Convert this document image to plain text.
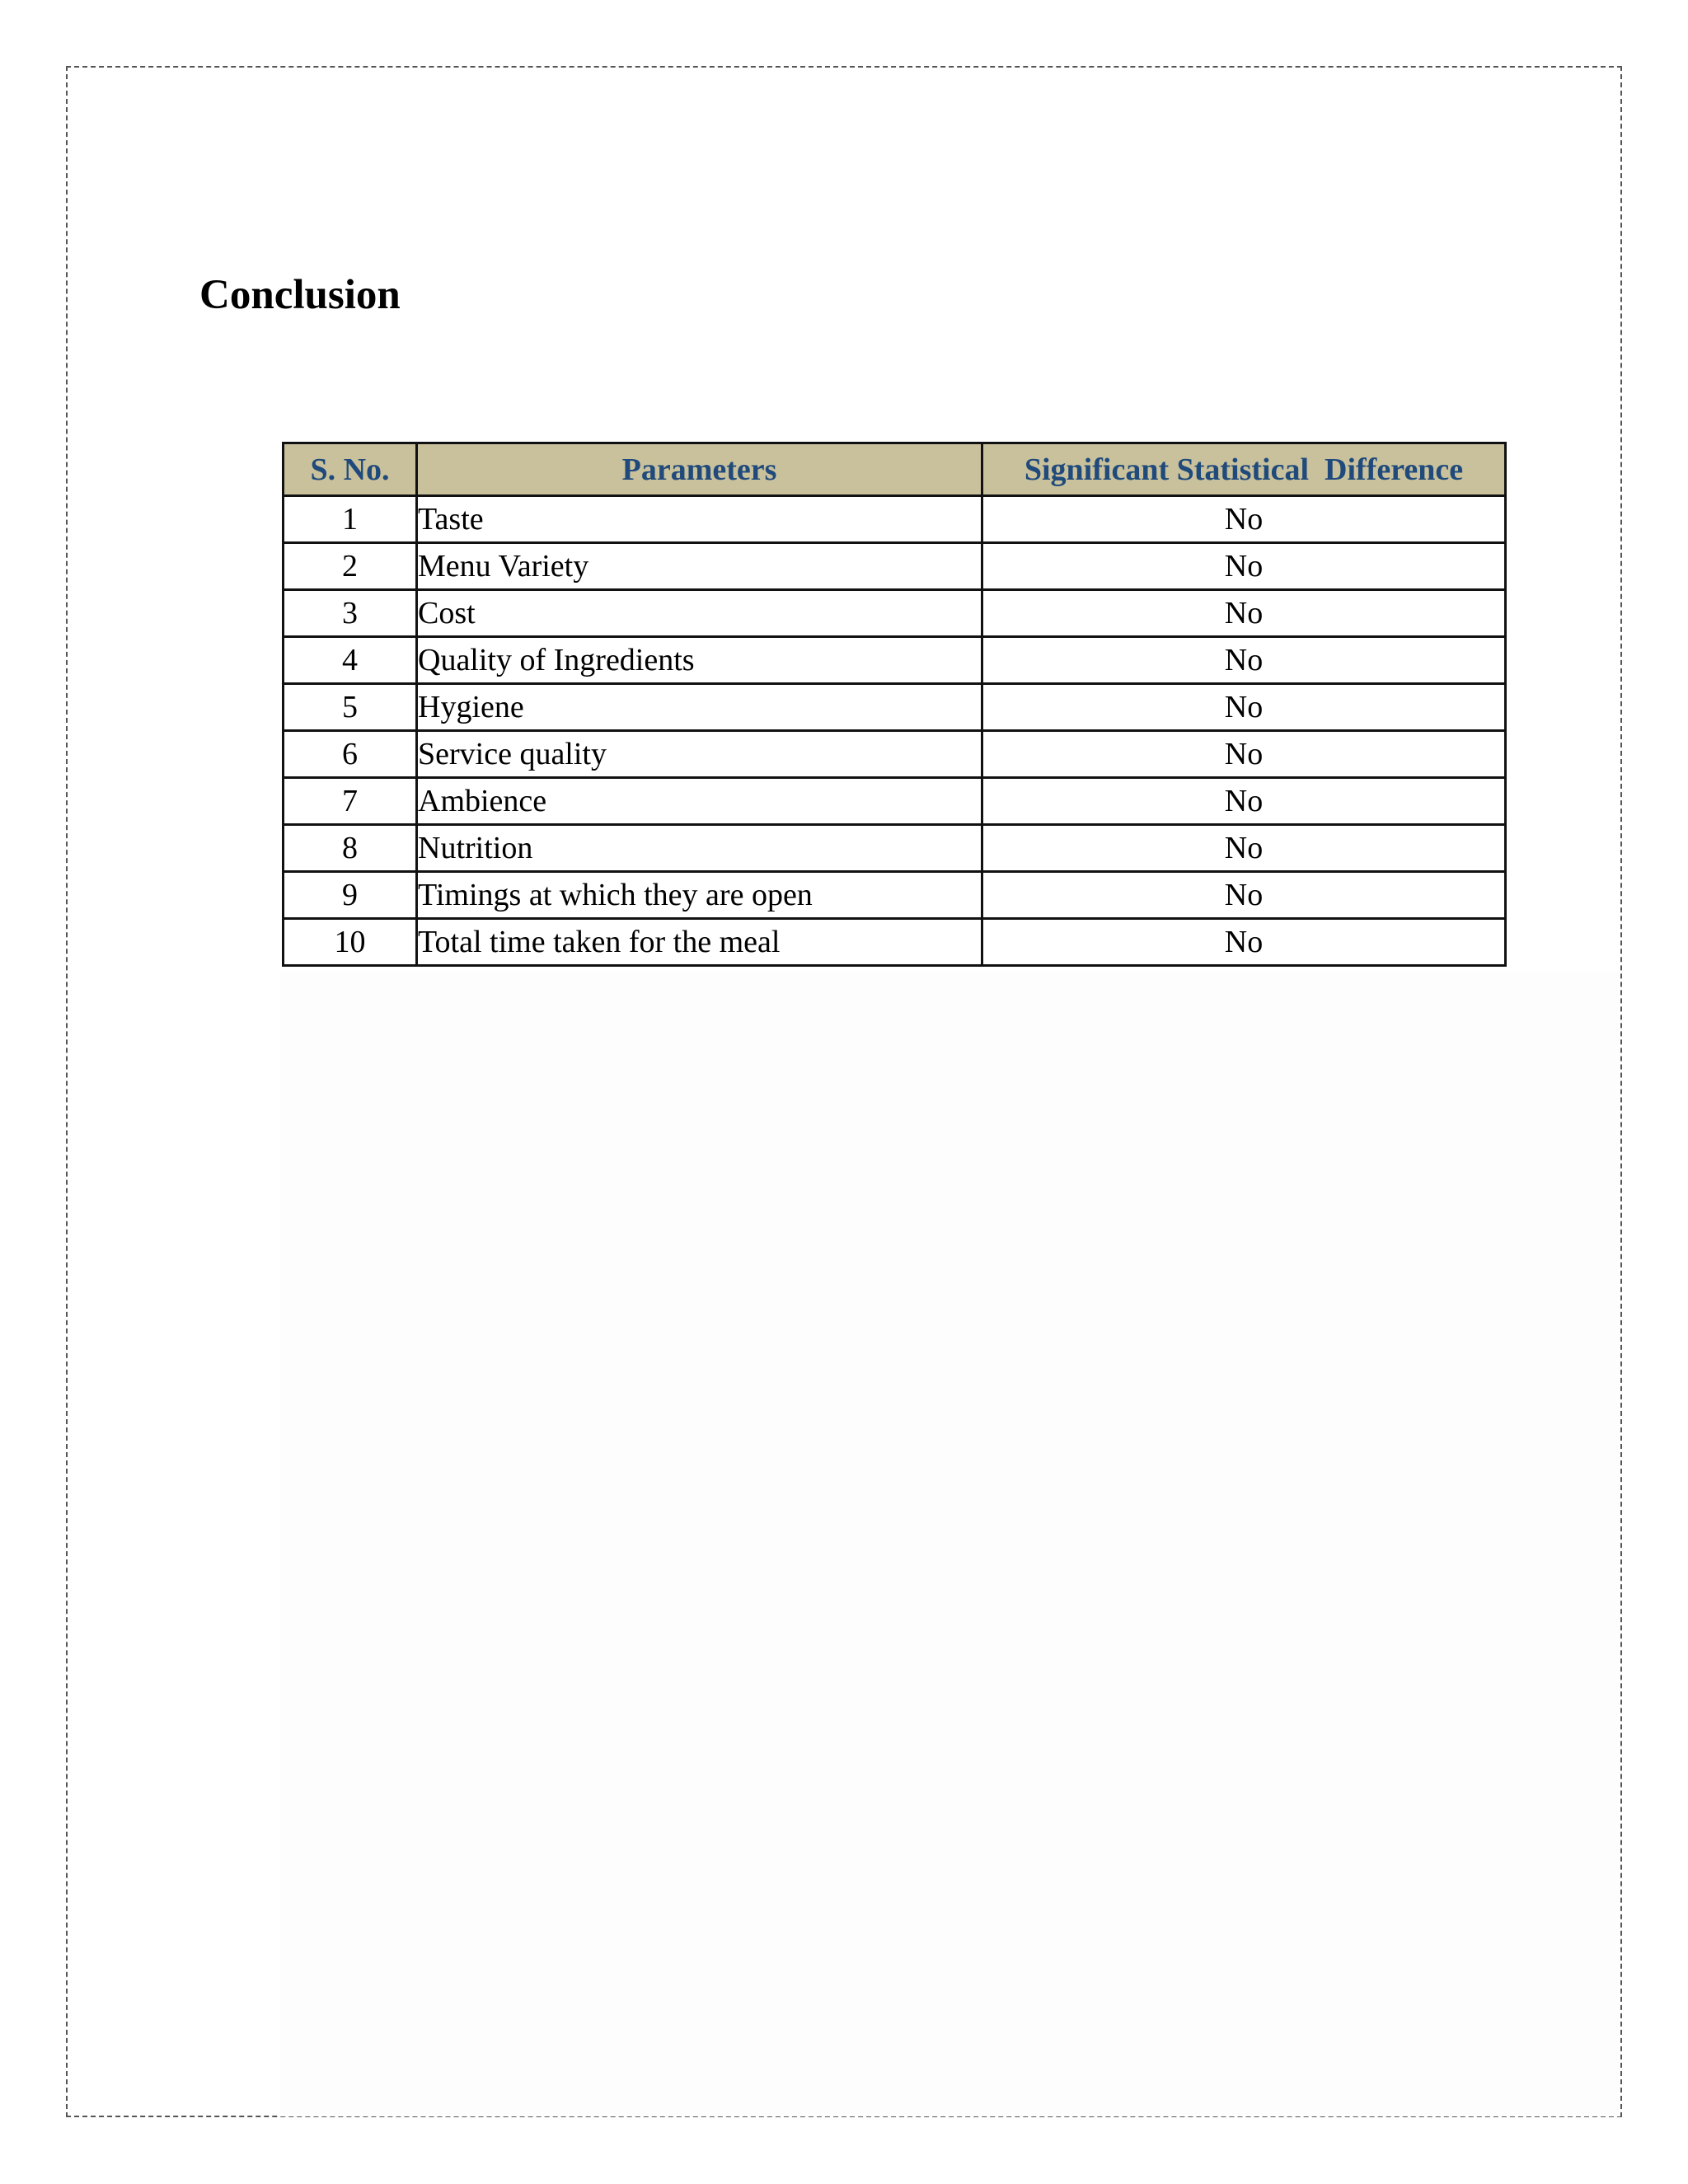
Conclusion
S. No.	Parameters	Significant Statistical  Difference
1	Taste	No
2	Menu Variety	No
3	Cost	No
4	Quality of Ingredients	No
5	Hygiene	No
6	Service quality	No
7	Ambience	No
8	Nutrition	No
9	Timings at which they are open	No
10	Total time taken for the meal	No
